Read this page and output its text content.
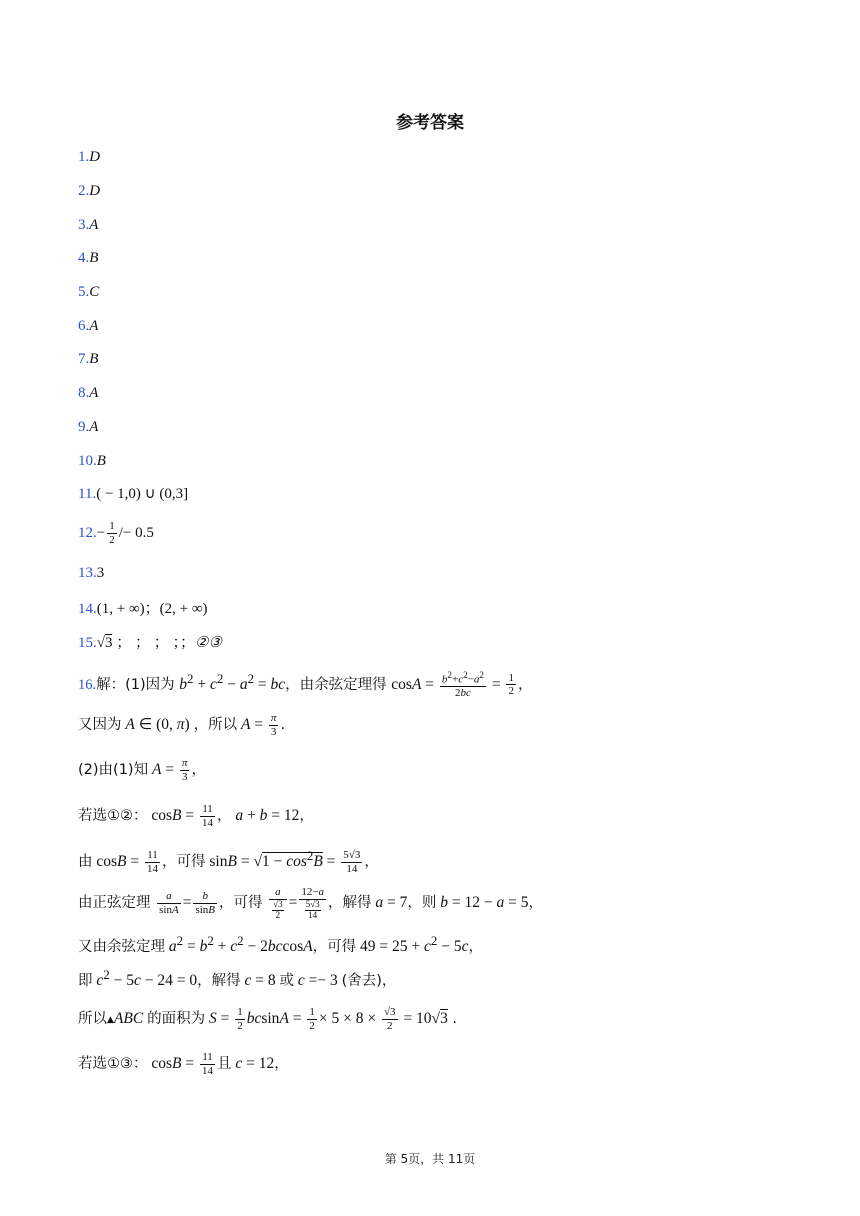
参考答案
1.D
2.D
3.A
4.B
5.C
6.A
7.B
8.A
9.A
10.B
11.( − 1,0) ∪ (0,3]
$12.- \frac{1}{2} /- 0.5$
13.3
14.(1, + ∞)；(2, + ∞)
15.√3 ； ； ； ；；②③
16.解：(1)因为 $b^2 + c^2 - a^2$ = bc，由余弦定理得 $\cos A = \frac{b^2+c^2-a^2}{2bc} = \frac{1}{2}$ ，
又因为 A ∈ (0, π) ，所以 $A = \frac{\pi}{3}$ .
(2)由(1)知 $A = \frac{\pi}{3}$ ，
若选①②： $\cos B = \frac{11}{14}$ ， a + b = 12，
由 $\cos B = \frac{11}{14}$ ，可得 $\sin B = √1 - \cos^2B = \frac{5√3}{14}$ ，
由正弦定理 $\frac{a}{\sin A} = \frac{b}{\sin B}$ ，可得 $\frac{a}{\frac{√3}{2}} = \frac{12-a}{\frac{5√3}{14}}$ ，解得 a = 7，则 b = 12 − a = 5，
又由余弦定理 $a^2 = b^2 + c^2 - 2bccosA$，可得 $49 = 25 + c^2 - 5c$，
即 $c^2 - 5c - 24 = 0$，解得 c = 8 或 c =− 3 (舍去)，
所以▲ABC 的面积为 $S = \frac{1}{2}$ $bcsinA = \frac{1}{2} \times 5 \times 8 \times \frac{√3}{2} = 10√3$ .
若选①③： $\cos B = \frac{11}{14}$ 且 c = 12，
第 5页，共 11页
